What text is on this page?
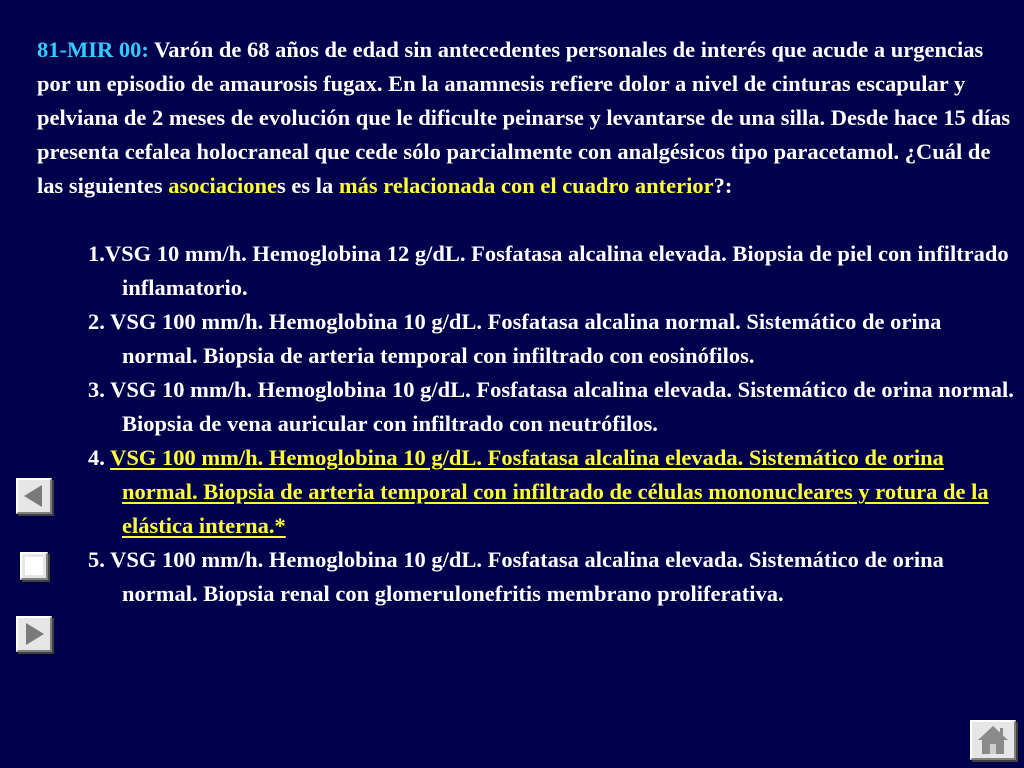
81-MIR 00: Varón de 68 años de edad sin antecedentes personales de interés que acude a urgencias por un episodio de amaurosis fugax. En la anamnesis refiere dolor a nivel de cinturas escapular y pelviana de 2 meses de evolución que le dificulte peinarse y levantarse de una silla. Desde hace 15 días presenta cefalea holocraneal que cede sólo parcialmente con analgésicos tipo paracetamol. ¿Cuál de las siguientes asociaciones es la más relacionada con el cuadro anterior?:

1.VSG 10 mm/h. Hemoglobina 12 g/dL. Fosfatasa alcalina elevada. Biopsia de piel con infiltrado inflamatorio.
2. VSG 100 mm/h. Hemoglobina 10 g/dL. Fosfatasa alcalina normal. Sistemático de orina normal. Biopsia de arteria temporal con infiltrado con eosinófilos.
3. VSG 10 mm/h. Hemoglobina 10 g/dL. Fosfatasa alcalina elevada. Sistemático de orina normal. Biopsia de vena auricular con infiltrado con neutrófilos.
4. VSG 100 mm/h. Hemoglobina 10 g/dL. Fosfatasa alcalina elevada. Sistemático de orina normal. Biopsia de arteria temporal con infiltrado de células mononucleares y rotura de la elástica interna.*
5. VSG 100 mm/h. Hemoglobina 10 g/dL. Fosfatasa alcalina elevada. Sistemático de orina normal. Biopsia renal con glomerulonefritis membrano proliferativa.
